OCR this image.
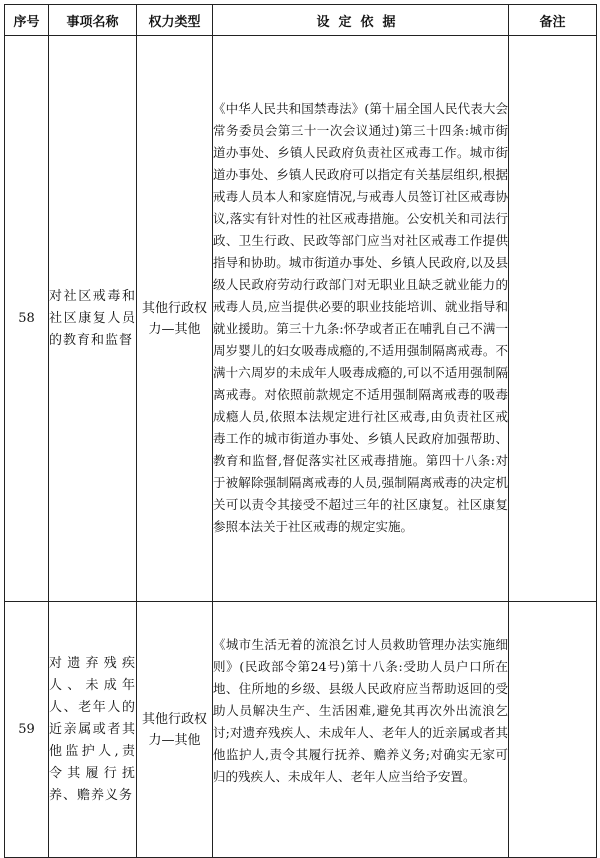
序号	事项名称	权力类型	设定依据	备注
58	对社区戒毒和社区康复人员的教育和监督	其他行政权力—其他	《中华人民共和国禁毒法》(第十届全国人民代表大会常务委员会第三十一次会议通过)第三十四条:城市街道办事处、乡镇人民政府负责社区戒毒工作。城市街道办事处、乡镇人民政府可以指定有关基层组织,根据戒毒人员本人和家庭情况,与戒毒人员签订社区戒毒协议,落实有针对性的社区戒毒措施。公安机关和司法行政、卫生行政、民政等部门应当对社区戒毒工作提供指导和协助。城市街道办事处、乡镇人民政府,以及县级人民政府劳动行政部门对无职业且缺乏就业能力的戒毒人员,应当提供必要的职业技能培训、就业指导和就业援助。第三十九条:怀孕或者正在哺乳自己不满一周岁婴儿的妇女吸毒成瘾的,不适用强制隔离戒毒。不满十六周岁的未成年人吸毒成瘾的,可以不适用强制隔离戒毒。对依照前款规定不适用强制隔离戒毒的吸毒成瘾人员,依照本法规定进行社区戒毒,由负责社区戒毒工作的城市街道办事处、乡镇人民政府加强帮助、教育和监督,督促落实社区戒毒措施。第四十八条:对于被解除强制隔离戒毒的人员,强制隔离戒毒的决定机关可以责令其接受不超过三年的社区康复。社区康复参照本法关于社区戒毒的规定实施。	

59	对遗弃残疾人、未成年人、老年人的近亲属或者其他监护人,责令其履行抚养、赡养义务	其他行政权力—其他	《城市生活无着的流浪乞讨人员救助管理办法实施细则》(民政部令第24号)第十八条:受助人员户口所在地、住所地的乡级、县级人民政府应当帮助返回的受助人员解决生产、生活困难,避免其再次外出流浪乞讨;对遗弃残疾人、未成年人、老年人的近亲属或者其他监护人,责令其履行抚养、赡养义务;对确实无家可归的残疾人、未成年人、老年人应当给予安置。	
